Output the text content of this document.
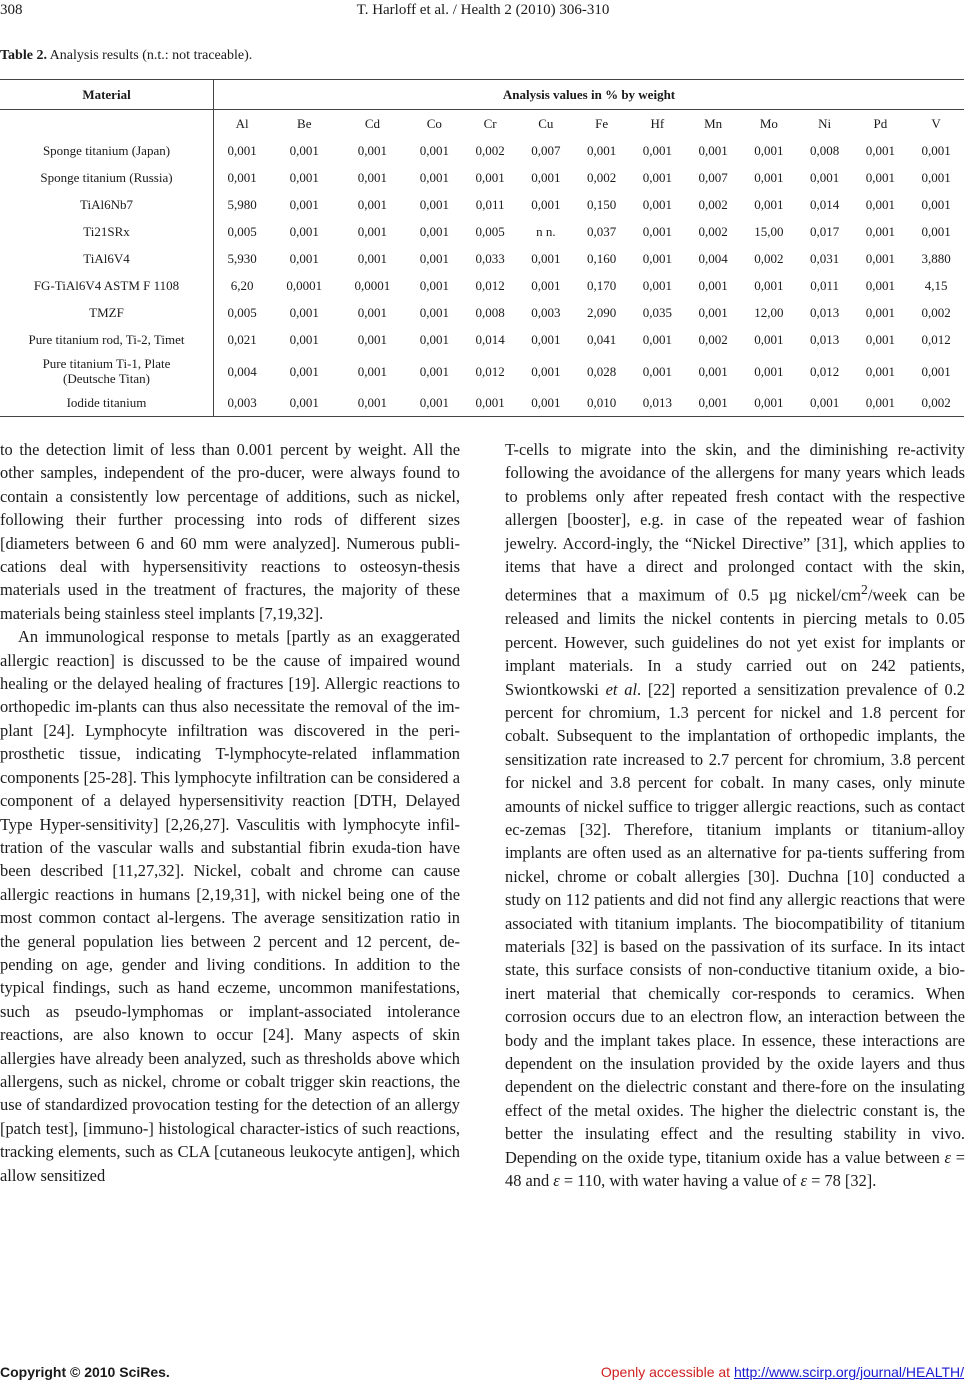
308	T. Harloff et al. / Health 2 (2010) 306-310
Table 2. Analysis results (n.t.: not traceable).
Material	Analysis values in % by weight												
	Al	Be	Cd	Co	Cr	Cu	Fe	Hf	Mn	Mo	Ni	Pd	V
Sponge titanium (Japan)	0,001	0,001	0,001	0,001	0,002	0,007	0,001	0,001	0,001	0,001	0,008	0,001	0,001
Sponge titanium (Russia)	0,001	0,001	0,001	0,001	0,001	0,001	0,002	0,001	0,007	0,001	0,001	0,001	0,001
TiAl6Nb7	5,980	0,001	0,001	0,001	0,011	0,001	0,150	0,001	0,002	0,001	0,014	0,001	0,001
Ti21SRx	0,005	0,001	0,001	0,001	0,005	n n.	0,037	0,001	0,002	15,00	0,017	0,001	0,001
TiAl6V4	5,930	0,001	0,001	0,001	0,033	0,001	0,160	0,001	0,004	0,002	0,031	0,001	3,880
FG-TiAl6V4 ASTM F 1108	6,20	0,0001	0,0001	0,001	0,012	0,001	0,170	0,001	0,001	0,001	0,011	0,001	4,15
TMZF	0,005	0,001	0,001	0,001	0,008	0,003	2,090	0,035	0,001	12,00	0,013	0,001	0,002
Pure titanium rod, Ti-2, Timet	0,021	0,001	0,001	0,001	0,014	0,001	0,041	0,001	0,002	0,001	0,013	0,001	0,012

Pure titanium Ti-1, Plate
(Deutsche Titan)	0,004	0,001	0,001	0,001	0,012	0,001	0,028	0,001	0,001	0,001	0,012	0,001	0,001
Iodide titanium	0,003	0,001	0,001	0,001	0,001	0,001	0,010	0,013	0,001	0,001	0,001	0,001	0,002

to the detection limit of less than 0.001 percent by weight. All the other samples, independent of the pro-ducer, were always found to contain a consistently low percentage of additions, such as nickel, following their further processing into rods of different sizes [diameters between 6 and 60 mm were analyzed]. Numerous publi-cations deal with hypersensitivity reactions to osteosyn-thesis materials used in the treatment of fractures, the majority of these materials being stainless steel implants [7,19,32].

An immunological response to metals [partly as an exaggerated allergic reaction] is discussed to be the cause of impaired wound healing or the delayed healing of fractures [19]. Allergic reactions to orthopedic im-plants can thus also necessitate the removal of the im-plant [24]. Lymphocyte infiltration was discovered in the peri-prosthetic tissue, indicating T-lymphocyte-related inflammation components [25-28]. This lymphocyte infiltration can be considered a component of a delayed hypersensitivity reaction [DTH, Delayed Type Hyper-sensitivity] [2,26,27]. Vasculitis with lymphocyte infil-tration of the vascular walls and substantial fibrin exuda-tion have been described [11,27,32]. Nickel, cobalt and chrome can cause allergic reactions in humans [2,19,31], with nickel being one of the most common contact al-lergens. The average sensitization ratio in the general population lies between 2 percent and 12 percent, de-pending on age, gender and living conditions. In addition to the typical findings, such as hand eczeme, uncommon manifestations, such as pseudo-lymphomas or implant-associated intolerance reactions, are also known to occur [24]. Many aspects of skin allergies have already been analyzed, such as thresholds above which allergens, such as nickel, chrome or cobalt trigger skin reactions, the use of standardized provocation testing for the detection of an allergy [patch test], [immuno-] histological character-istics of such reactions, tracking elements, such as CLA [cutaneous leukocyte antigen], which allow sensitized

T-cells to migrate into the skin, and the diminishing re-activity following the avoidance of the allergens for many years which leads to problems only after repeated fresh contact with the respective allergen [booster], e.g. in case of the repeated wear of fashion jewelry. Accord-ingly, the “Nickel Directive” [31], which applies to items that have a direct and prolonged contact with the skin, determines that a maximum of 0.5 µg nickel/$cm^2$/week can be released and limits the nickel contents in piercing metals to 0.05 percent. However, such guidelines do not yet exist for implants or implant materials. In a study carried out on 242 patients, Swiontkowski et al. [22] reported a sensitization prevalence of 0.2 percent for chromium, 1.3 percent for nickel and 1.8 percent for cobalt. Subsequent to the implantation of orthopedic implants, the sensitization rate increased to 2.7 percent for chromium, 3.8 percent for nickel and 3.8 percent for cobalt. In many cases, only minute amounts of nickel suffice to trigger allergic reactions, such as contact ec-zemas [32]. Therefore, titanium implants or titanium-alloy implants are often used as an alternative for pa-tients suffering from nickel, chrome or cobalt allergies [30]. Duchna [10] conducted a study on 112 patients and did not find any allergic reactions that were associated with titanium implants. The biocompatibility of titanium materials [32] is based on the passivation of its surface. In its intact state, this surface consists of non-conductive titanium oxide, a bio-inert material that chemically cor-responds to ceramics. When corrosion occurs due to an electron flow, an interaction between the body and the implant takes place. In essence, these interactions are dependent on the insulation provided by the oxide layers and thus dependent on the dielectric constant and there-fore on the insulating effect of the metal oxides. The higher the dielectric constant is, the better the insulating effect and the resulting stability in vivo. Depending on the oxide type, titanium oxide has a value between ε = 48 and ε = 110, with water having a value of ε = 78 [32].

Copyright © 2010 SciRes.	Openly accessible at http://www.scirp.org/journal/HEALTH/
